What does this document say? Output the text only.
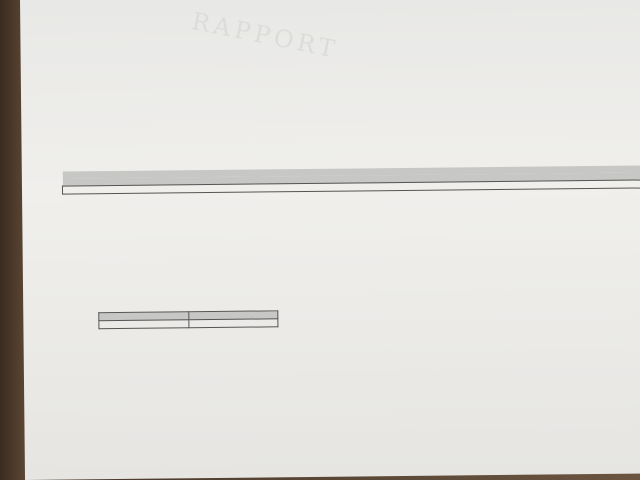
RAPPORT
